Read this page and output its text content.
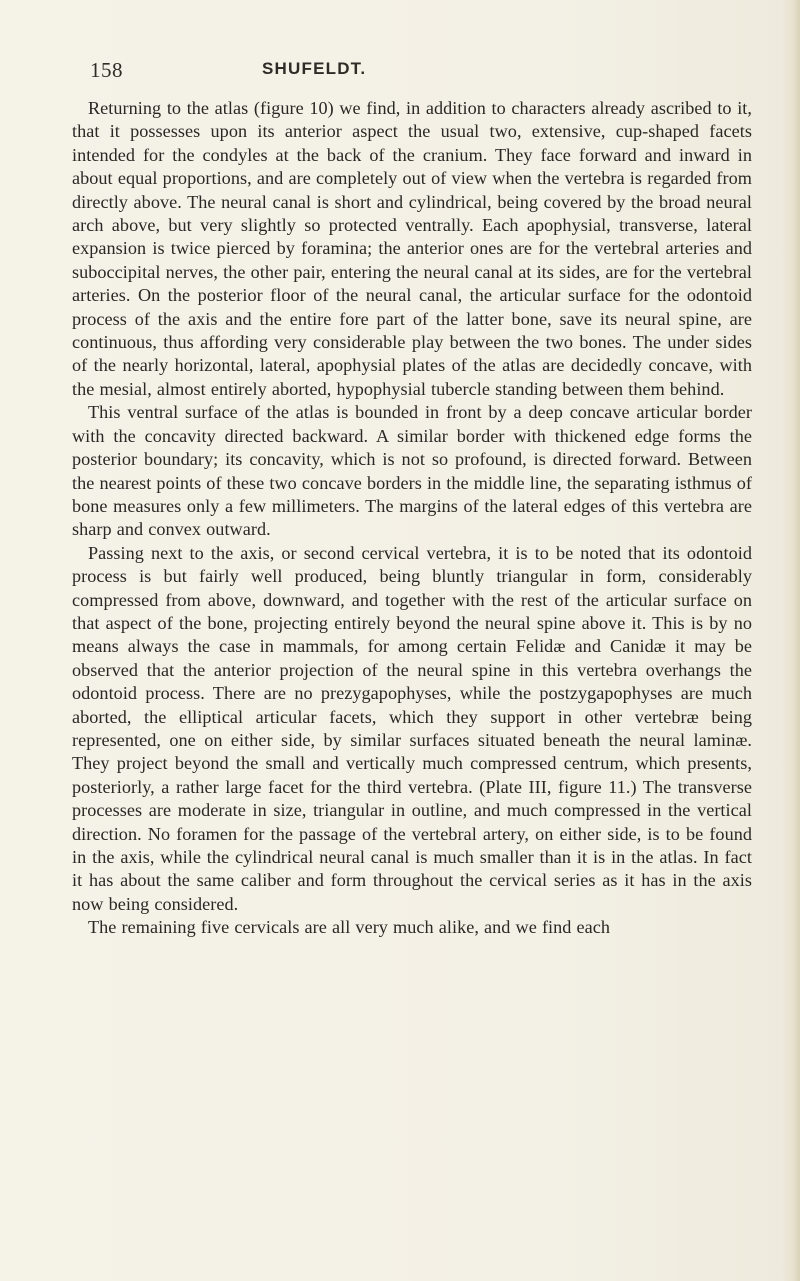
158	SHUFELDT.

Returning to the atlas (figure 10) we find, in addition to characters already ascribed to it, that it possesses upon its anterior aspect the usual two, extensive, cup-shaped facets intended for the condyles at the back of the cranium. They face forward and inward in about equal proportions, and are completely out of view when the vertebra is regarded from directly above. The neural canal is short and cylindrical, being covered by the broad neural arch above, but very slightly so protected ventrally. Each apophysial, transverse, lateral expansion is twice pierced by foramina; the anterior ones are for the vertebral arteries and suboccipital nerves, the other pair, entering the neural canal at its sides, are for the vertebral arteries. On the posterior floor of the neural canal, the articular surface for the odontoid process of the axis and the entire fore part of the latter bone, save its neural spine, are continuous, thus affording very considerable play between the two bones. The under sides of the nearly horizontal, lateral, apophysial plates of the atlas are decidedly concave, with the mesial, almost entirely aborted, hypophysial tubercle standing between them behind.

This ventral surface of the atlas is bounded in front by a deep concave articular border with the concavity directed backward. A similar border with thickened edge forms the posterior boundary; its concavity, which is not so profound, is directed forward. Between the nearest points of these two concave borders in the middle line, the separating isthmus of bone measures only a few millimeters. The margins of the lateral edges of this vertebra are sharp and convex outward.

Passing next to the axis, or second cervical vertebra, it is to be noted that its odontoid process is but fairly well produced, being bluntly triangular in form, considerably compressed from above, downward, and together with the rest of the articular surface on that aspect of the bone, projecting entirely beyond the neural spine above it. This is by no means always the case in mammals, for among certain Felidæ and Canidæ it may be observed that the anterior projection of the neural spine in this vertebra overhangs the odontoid process. There are no prezygapophyses, while the postzygapophyses are much aborted, the elliptical articular facets, which they support in other vertebræ being represented, one on either side, by similar surfaces situated beneath the neural laminæ. They project beyond the small and vertically much compressed centrum, which presents, posteriorly, a rather large facet for the third vertebra. (Plate III, figure 11.) The transverse processes are moderate in size, triangular in outline, and much compressed in the vertical direction. No foramen for the passage of the vertebral artery, on either side, is to be found in the axis, while the cylindrical neural canal is much smaller than it is in the atlas. In fact it has about the same caliber and form throughout the cervical series as it has in the axis now being considered.

The remaining five cervicals are all very much alike, and we find each
